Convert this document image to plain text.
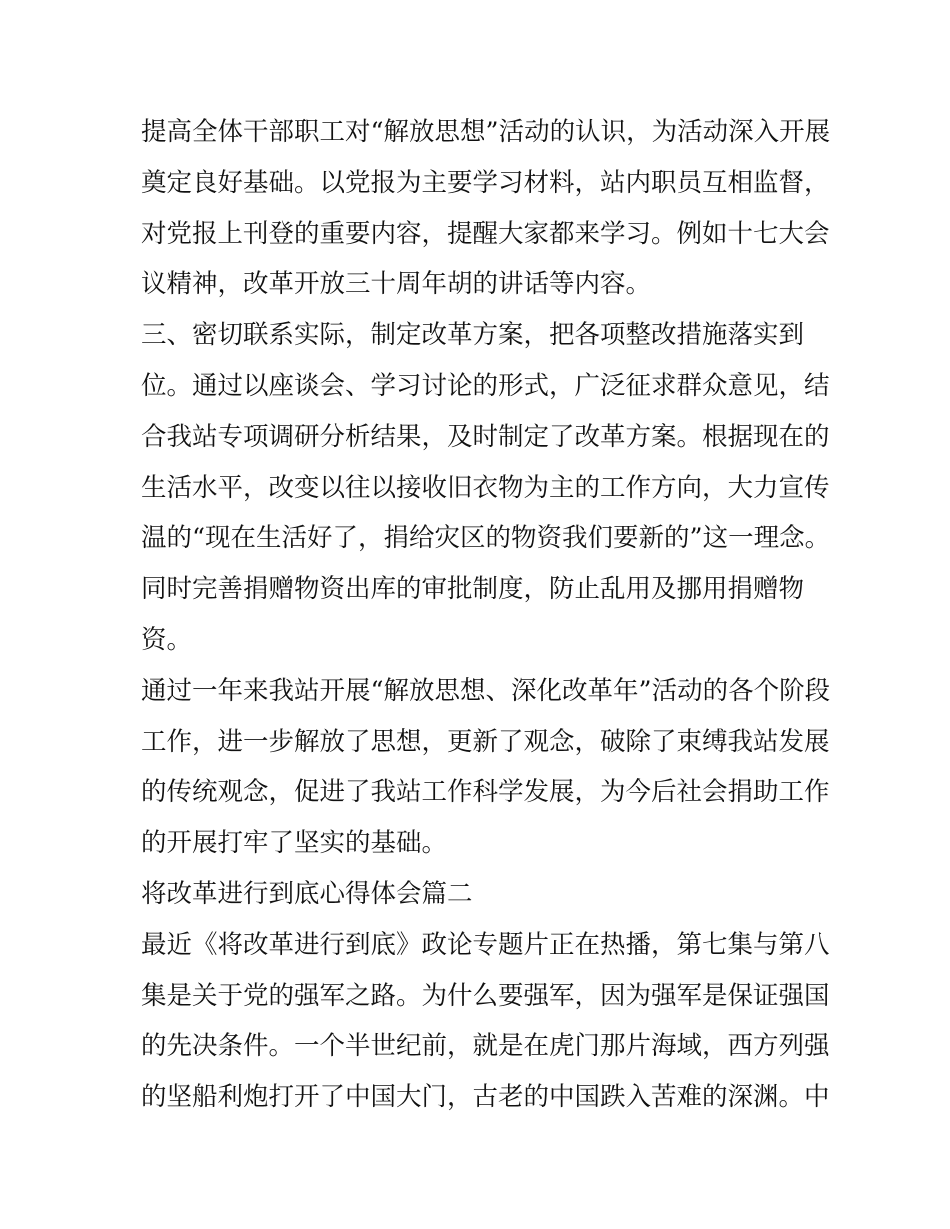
提高全体干部职工对“解放思想”活动的认识，为活动深入开展
奠定良好基础。以党报为主要学习材料，站内职员互相监督，
对党报上刊登的重要内容，提醒大家都来学习。例如十七大会
议精神，改革开放三十周年胡的讲话等内容。
三、密切联系实际，制定改革方案，把各项整改措施落实到
位。通过以座谈会、学习讨论的形式，广泛征求群众意见，结
合我站专项调研分析结果，及时制定了改革方案。根据现在的
生活水平，改变以往以接收旧衣物为主的工作方向，大力宣传
温的“现在生活好了，捐给灾区的物资我们要新的”这一理念。
同时完善捐赠物资出库的审批制度，防止乱用及挪用捐赠物
资。
通过一年来我站开展“解放思想、深化改革年”活动的各个阶段
工作，进一步解放了思想，更新了观念，破除了束缚我站发展
的传统观念，促进了我站工作科学发展，为今后社会捐助工作
的开展打牢了坚实的基础。
将改革进行到底心得体会篇二
最近《将改革进行到底》政论专题片正在热播，第七集与第八
集是关于党的强军之路。为什么要强军，因为强军是保证强国
的先决条件。一个半世纪前，就是在虎门那片海域，西方列强
的坚船利炮打开了中国大门，古老的中国跌入苦难的深渊。中
